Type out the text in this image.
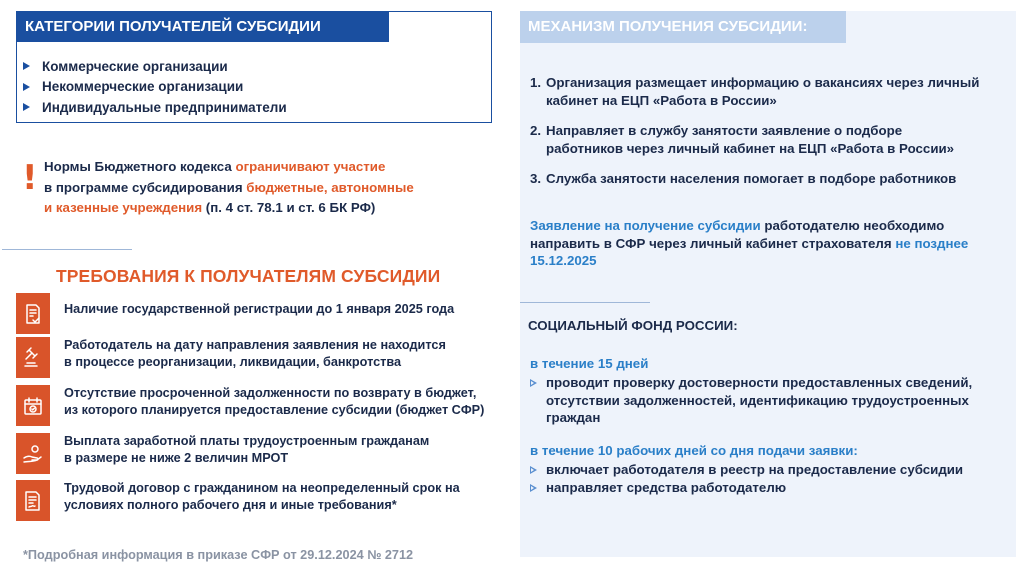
КАТЕГОРИИ ПОЛУЧАТЕЛЕЙ СУБСИДИИ
Коммерческие организации
Некоммерческие организации
Индивидуальные предприниматели
! Нормы Бюджетного кодекса ограничивают участие
в программе субсидирования бюджетные, автономные
и казенные учреждения (п. 4 ст. 78.1 и ст. 6 БК РФ)
ТРЕБОВАНИЯ К ПОЛУЧАТЕЛЯМ СУБСИДИИ
Наличие государственной регистрации до 1 января 2025 года
Работодатель на дату направления заявления не находится
в процессе реорганизации, ликвидации, банкротства
Отсутствие просроченной задолженности по возврату в бюджет,
из которого планируется предоставление субсидии (бюджет СФР)
Выплата заработной платы трудоустроенным гражданам
в размере не ниже 2 величин МРОТ
Трудовой договор с гражданином на неопределенный срок на
условиях полного рабочего дня и иные требования*
*Подробная информация в приказе СФР от 29.12.2024 № 2712
МЕХАНИЗМ ПОЛУЧЕНИЯ СУБСИДИИ:
1. Организация размещает информацию о вакансиях через личный
кабинет на ЕЦП «Работа в России»
2. Направляет в службу занятости заявление о подборе
работников через личный кабинет на ЕЦП «Работа в России»
3. Служба занятости населения помогает в подборе работников
Заявление на получение субсидии работодателю необходимо направить в СФР через личный кабинет страхователя не позднее 15.12.2025
СОЦИАЛЬНЫЙ ФОНД РОССИИ:
в течение 15 дней
проводит проверку достоверности предоставленных сведений, отсутствии задолженностей, идентификацию трудоустроенных граждан
в течение 10 рабочих дней со дня подачи заявки:
включает работодателя в реестр на предоставление субсидии
направляет средства работодателю
